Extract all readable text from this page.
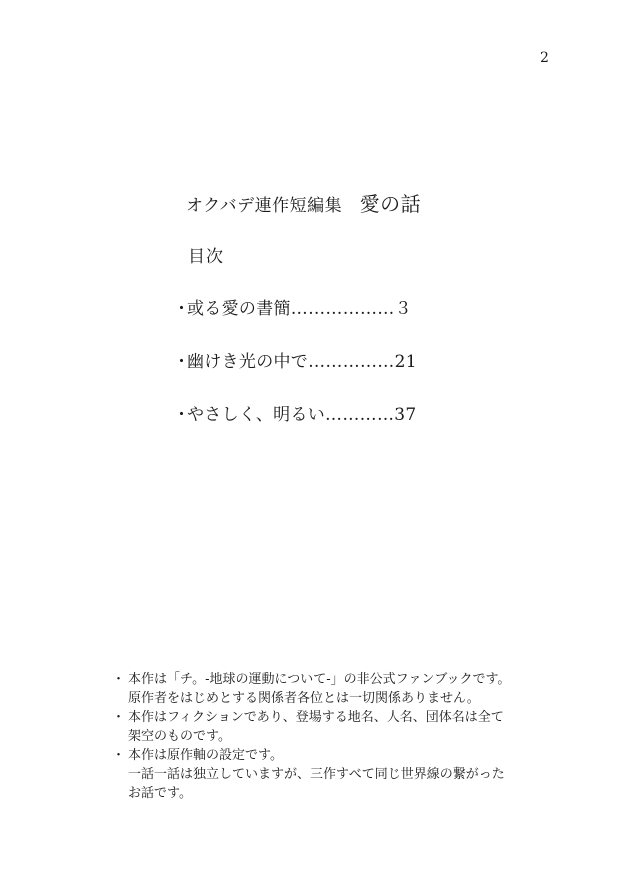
2
オクバデ連作短編集　 愛の話
目次
・或る愛の書簡………………３
・幽けき光の中で……………21
・やさしく、明るい…………37
・ 本作は「チ。-地球の運動について-」の非公式ファンブックです。
原作者をはじめとする関係者各位とは一切関係ありません。
・ 本作はフィクションであり、登場する地名、人名、団体名は全て
架空のものです。
・ 本作は原作軸の設定です。
一話一話は独立していますが、三作すべて同じ世界線の繋がった
お話です。
